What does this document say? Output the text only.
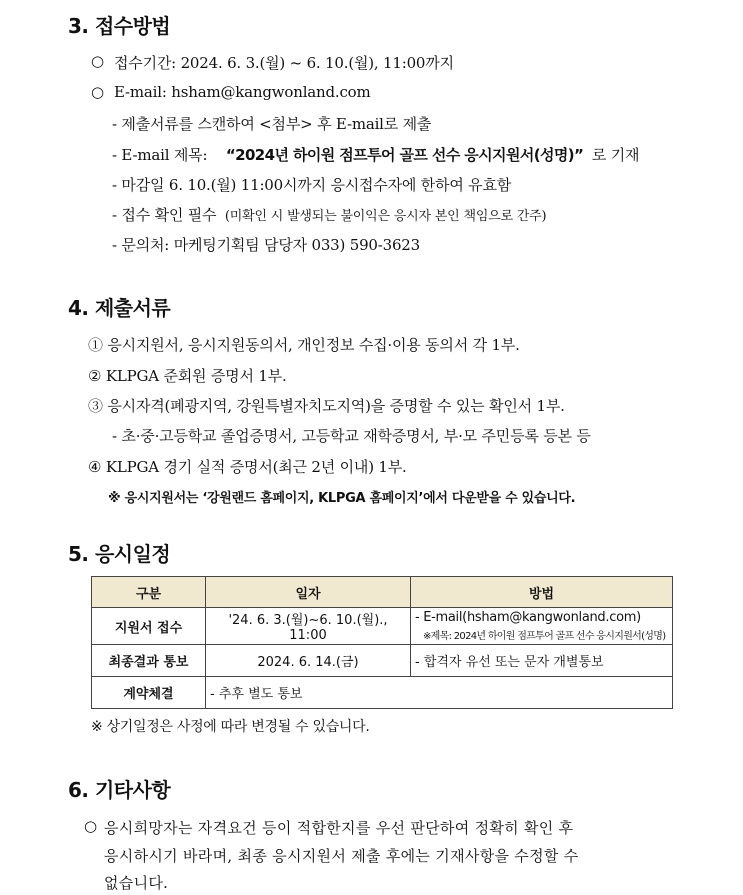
3. 접수방법
○ 접수기간: 2024. 6. 3.(월) ~ 6. 10.(월), 11:00까지
○ E-mail: hsham@kangwonland.com
- 제출서류를 스캔하여 <첨부> 후 E-mail로 제출
- E-mail 제목: “2024년 하이원 점프투어 골프 선수 응시지원서(성명)” 로 기재
- 마감일 6. 10.(월) 11:00시까지 응시접수자에 한하여 유효함
- 접수 확인 필수 (미확인 시 발생되는 불이익은 응시자 본인 책임으로 간주)
- 문의처: 마케팅기획팀 담당자 033) 590-3623
4. 제출서류
① 응시지원서, 응시지원동의서, 개인정보 수집·이용 동의서 각 1부.
② KLPGA 준회원 증명서 1부.
③ 응시자격(폐광지역, 강원특별자치도지역)을 증명할 수 있는 확인서 1부.
- 초·중·고등학교 졸업증명서, 고등학교 재학증명서, 부·모 주민등록 등본 등
④ KLPGA 경기 실적 증명서(최근 2년 이내) 1부.
※ 응시지원서는 ‘강원랜드 홈페이지, KLPGA 홈페이지’에서 다운받을 수 있습니다.
5. 응시일정
구분	일자	방법
지원서 접수	'24. 6. 3.(월)~6. 10.(월)., 11:00	- E-mail(hsham@kangwonland.com)
※제목: 2024년 하이원 점프투어 골프 선수 응시지원서(성명)

최종결과 통보	2024. 6. 14.(금)	- 합격자 유선 또는 문자 개별통보
계약체결	- 추후 별도 통보	
※ 상기일정은 사정에 따라 변경될 수 있습니다.
6. 기타사항
○ 응시희망자는 자격요건 등이 적합한지를 우선 판단하여 정확히 확인 후
응시하시기 바라며, 최종 응시지원서 제출 후에는 기재사항을 수정할 수
없습니다.
